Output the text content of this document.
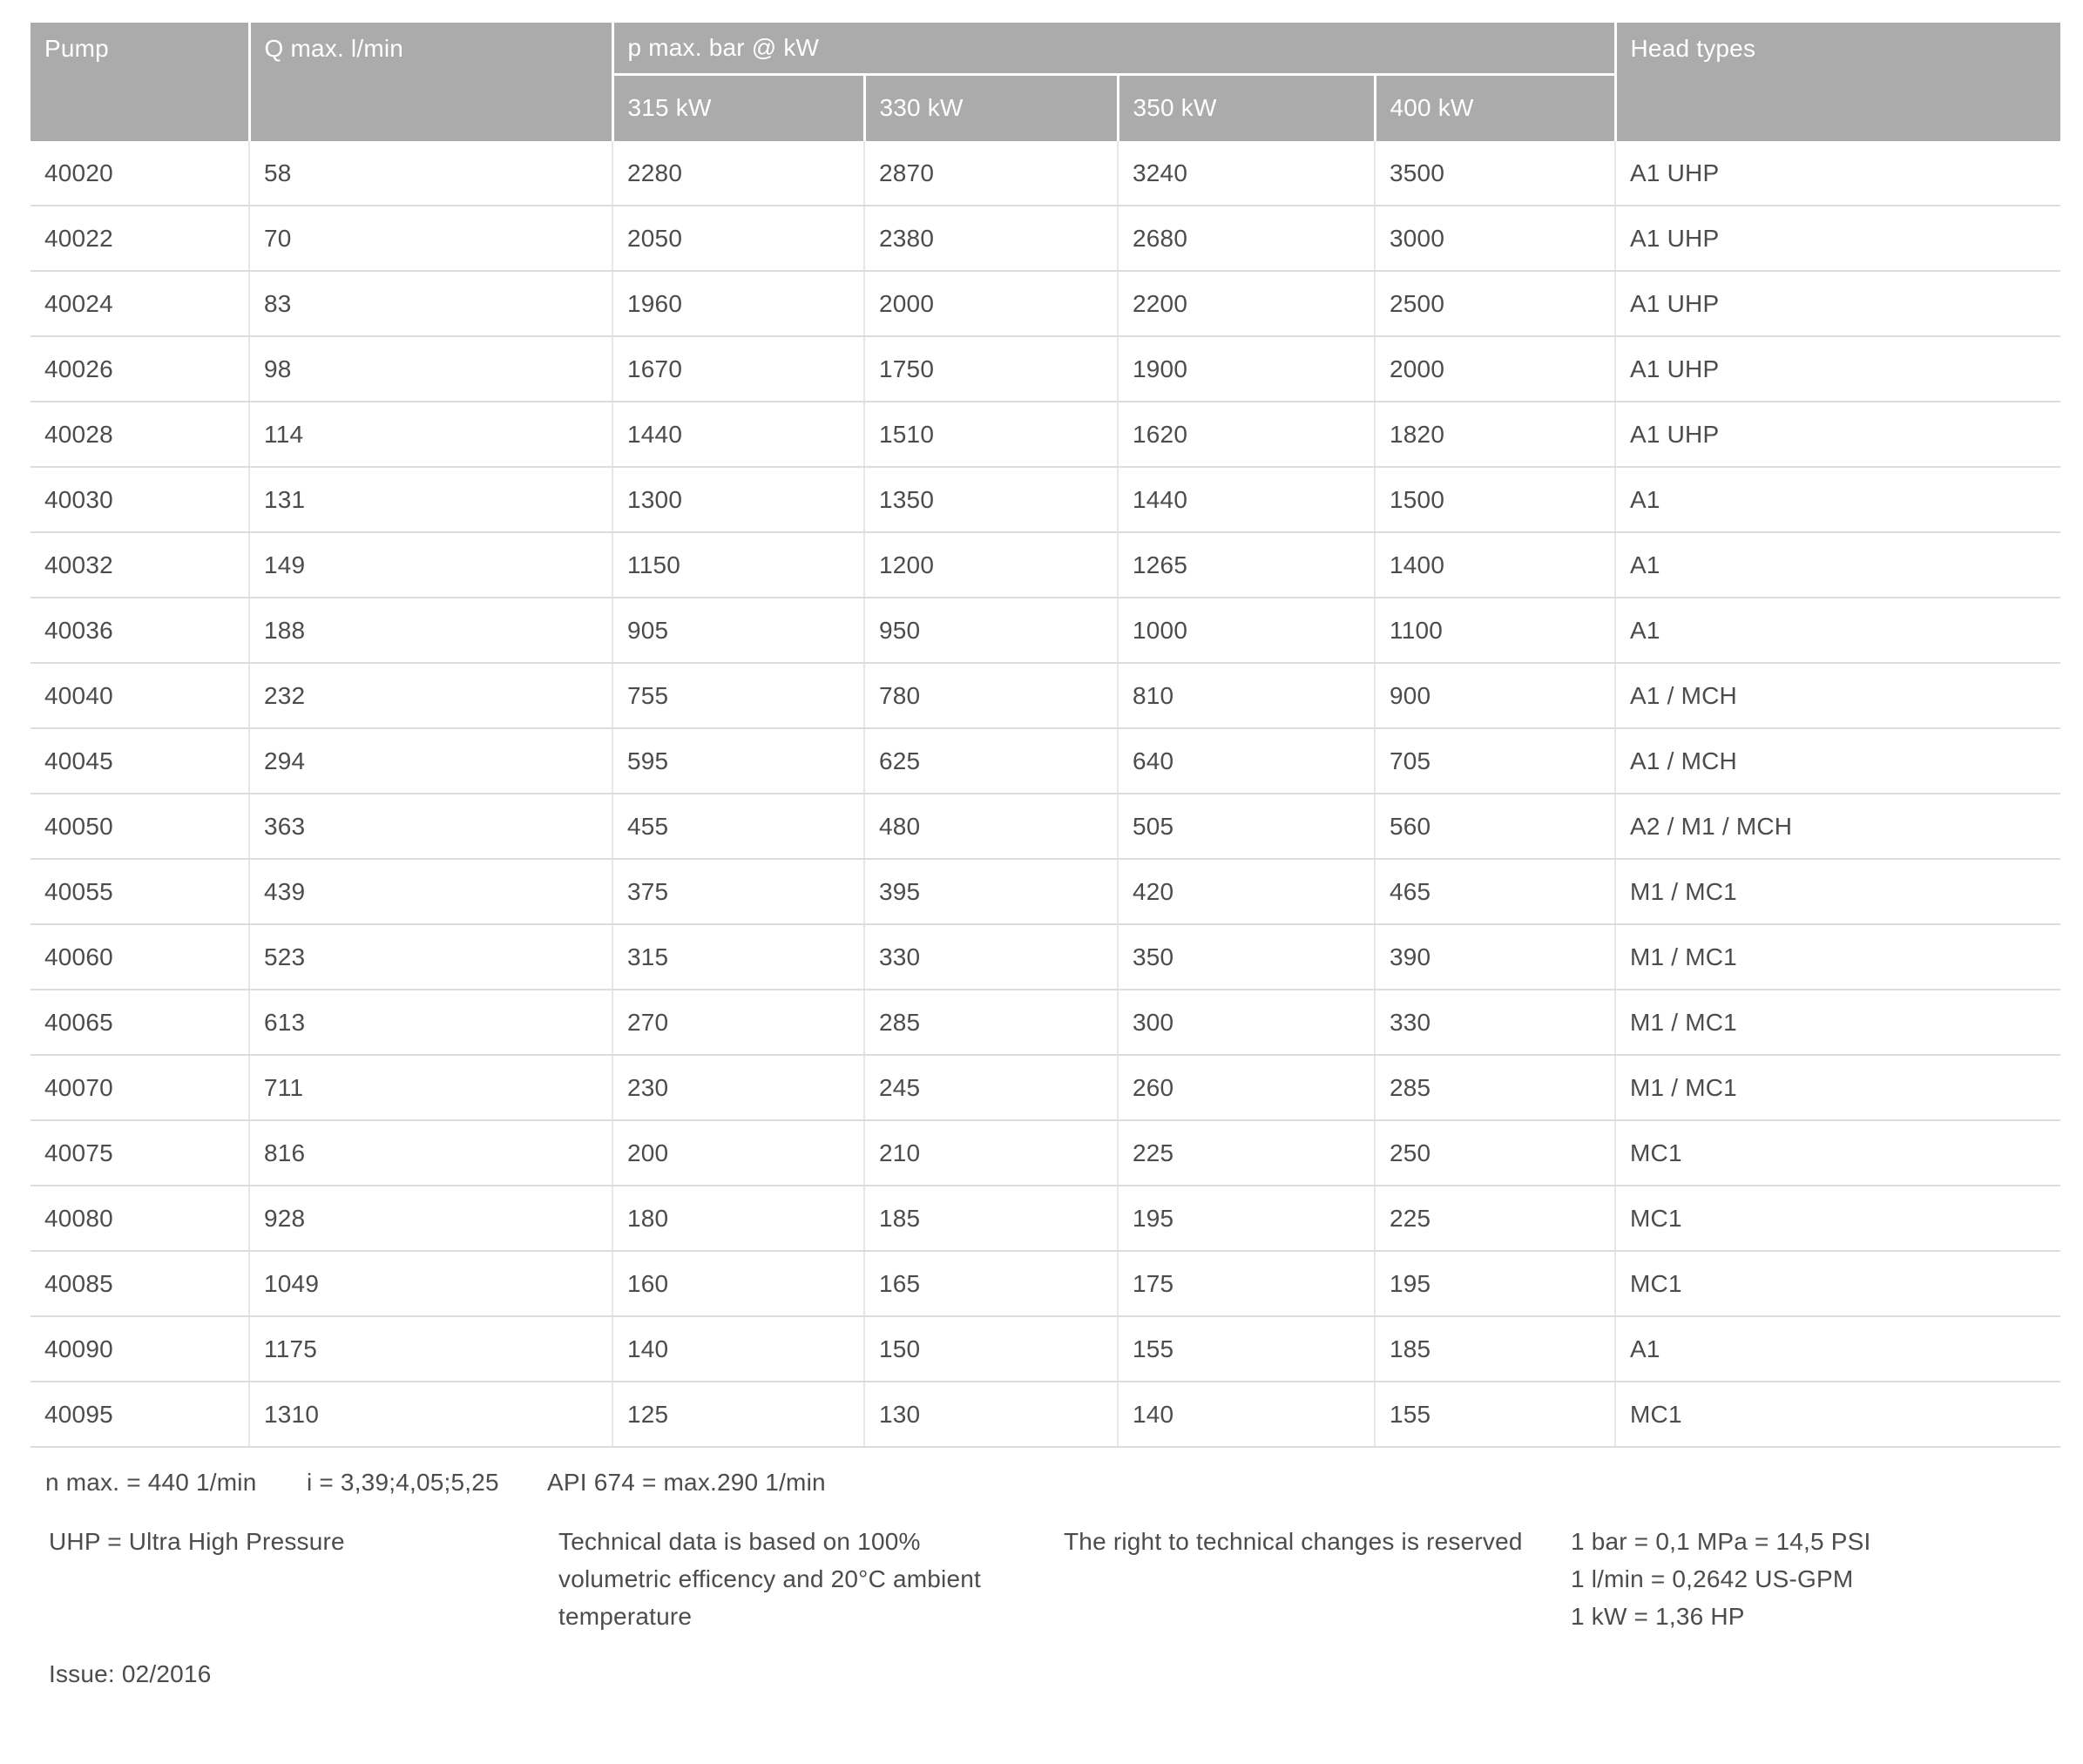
Pump	Q max. l/min	p max. bar @ kW				Head types
		315 kW	330 kW	350 kW	400 kW	
40020	58	2280	2870	3240	3500	A1 UHP
40022	70	2050	2380	2680	3000	A1 UHP
40024	83	1960	2000	2200	2500	A1 UHP
40026	98	1670	1750	1900	2000	A1 UHP
40028	114	1440	1510	1620	1820	A1 UHP
40030	131	1300	1350	1440	1500	A1
40032	149	1150	1200	1265	1400	A1
40036	188	905	950	1000	1100	A1
40040	232	755	780	810	900	A1 / MCH
40045	294	595	625	640	705	A1 / MCH
40050	363	455	480	505	560	A2 / M1 / MCH
40055	439	375	395	420	465	M1 / MC1
40060	523	315	330	350	390	M1 / MC1
40065	613	270	285	300	330	M1 / MC1
40070	711	230	245	260	285	M1 / MC1
40075	816	200	210	225	250	MC1
40080	928	180	185	195	225	MC1
40085	1049	160	165	175	195	MC1
40090	1175	140	150	155	185	A1
40095	1310	125	130	140	155	MC1
n max. = 440 1/min i = 3,39;4,05;5,25 API 674 = max.290 1/min
UHP = Ultra High Pressure	Technical data is based on 100%
volumetric efficency and 20°C ambient
temperature
The right to technical changes is reserved 1 bar = 0,1 MPa = 14,5 PSI
1 l/min = 0,2642 US-GPM
1 kW = 1,36 HP
Issue: 02/2016
